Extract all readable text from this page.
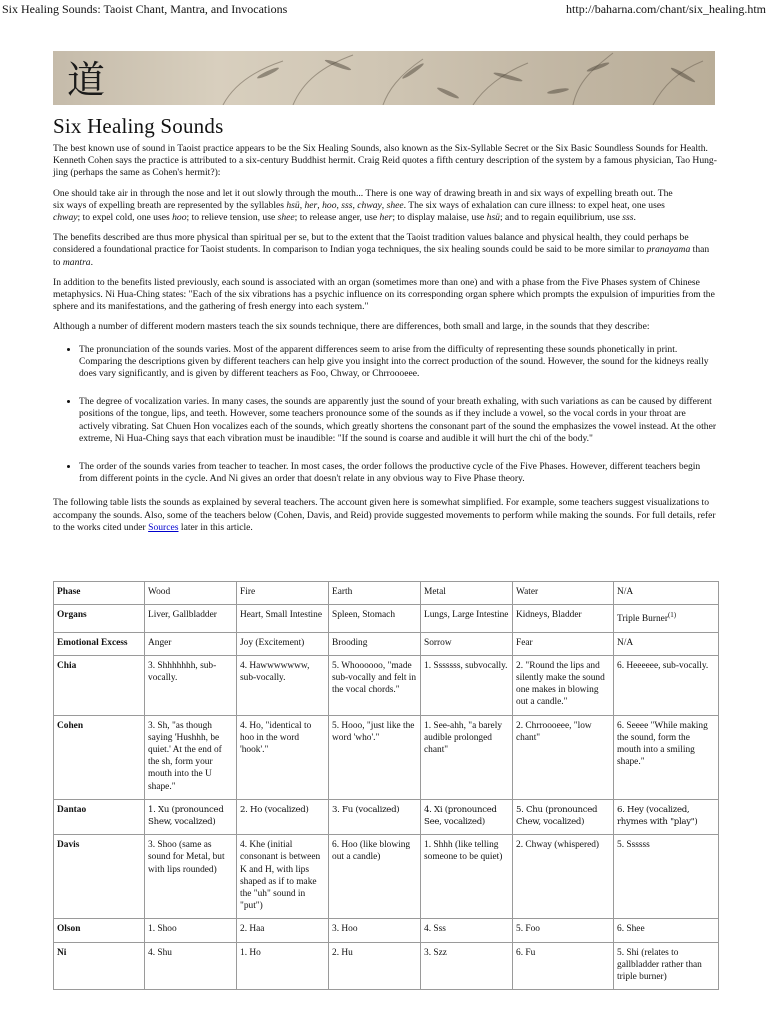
Six Healing Sounds: Taoist Chant, Mantra, and Invocations	http://baharna.com/chant/six_healing.htm
道
Six Healing Sounds

The best known use of sound in Taoist practice appears to be the Six Healing Sounds, also known as the Six-Syllable Secret or the Six Basic Soundless Sounds for Health. Kenneth Cohen says the practice is attributed to a six-century Buddhist hermit. Craig Reid quotes a fifth century description of the system by a famous physician, Tao Hung-jing (perhaps the same as Cohen's hermit?):

One should take air in through the nose and let it out slowly through the mouth... There is one way of drawing breath in and six ways of expelling breath out. The six ways of expelling breath are represented by the syllables hsü, her, hoo, sss, chway, shee. The six ways of exhalation can cure illness: to expel heat, one uses chway; to expel cold, one uses hoo; to relieve tension, use shee; to release anger, use her; to display malaise, use hsü; and to regain equilibrium, use sss.

The benefits described are thus more physical than spiritual per se, but to the extent that the Taoist tradition values balance and physical health, they could perhaps be considered a foundational practice for Taoist students. In comparison to Indian yoga techniques, the six healing sounds could be said to be more similar to pranayama than to mantra.

In addition to the benefits listed previously, each sound is associated with an organ (sometimes more than one) and with a phase from the Five Phases system of Chinese metaphysics. Ni Hua-Ching states: "Each of the six vibrations has a psychic influence on its corresponding organ sphere which prompts the expulsion of impurities from the sphere and its manifestations, and the gathering of fresh energy into each system."

Although a number of different modern masters teach the six sounds technique, there are differences, both small and large, in the sounds that they describe:

• The pronunciation of the sounds varies. Most of the apparent differences seem to arise from the difficulty of representing these sounds phonetically in print. Comparing the descriptions given by different teachers can help give you insight into the correct production of the sound. However, the sound for the kidneys really does vary significantly, and is given by different teachers as Foo, Chway, or Chrroooeee.
• The degree of vocalization varies. In many cases, the sounds are apparently just the sound of your breath exhaling, with such variations as can be caused by different positions of the tongue, lips, and teeth. However, some teachers pronounce some of the sounds as if they include a vowel, so the vocal cords in your throat are actively vibrating. Sat Chuen Hon vocalizes each of the sounds, which greatly shortens the consonant part of the sound the emphasizes the vowel instead. At the other extreme, Ni Hua-Ching says that each vibration must be inaudible: "If the sound is coarse and audible it will hurt the chi of the body."
• The order of the sounds varies from teacher to teacher. In most cases, the order follows the productive cycle of the Five Phases. However, different teachers begin from different points in the cycle. And Ni gives an order that doesn't relate in any obvious way to Five Phase theory.

The following table lists the sounds as explained by several teachers. The account given here is somewhat simplified. For example, some teachers suggest visualizations to accompany the sounds. Also, some of the teachers below (Cohen, Davis, and Reid) provide suggested movements to perform while making the sounds. For full details, refer to the works cited under Sources later in this article.

Phase	Wood	Fire	Earth	Metal	Water	N/A
Organs	Liver, Gallbladder	Heart, Small Intestine	Spleen, Stomach	Lungs, Large Intestine	Kidneys, Bladder	Triple Burner$^{(1)}$
Emotional Excess	Anger	Joy (Excitement)	Brooding	Sorrow	Fear	N/A
Chia	3. Shhhhhhh, sub-vocally.	4. Hawwwwwww, sub-vocally.	5. Whoooooo, "made sub-vocally and felt in the vocal chords."	1. Sssssss, subvocally.	2. "Round the lips and silently make the sound one makes in blowing out a candle."	6. Heeeeee, sub-vocally.
Cohen	3. Sh, "as though saying 'Hushhh, be quiet.' At the end of the sh, form your mouth into the U shape."	4. Ho, "identical to hoo in the word 'hook'."	5. Hooo, "just like the word 'who'."	1. See-ahh, "a barely audible prolonged chant"	2. Chrroooeee, "low chant"	6. Seeee "While making the sound, form the mouth into a smiling shape."
Dantao	1. Xu (pronounced Shew, vocalized)	2. Ho (vocalized)	3. Fu (vocalized)	4. Xi (pronounced See, vocalized)	5. Chu (pronounced Chew, vocalized)	6. Hey (vocalized, rhymes with "play")
Davis	3. Shoo (same as sound for Metal, but with lips rounded)	4. Khe (initial consonant is between K and H, with lips shaped as if to make the "uh" sound in "put")	6. Hoo (like blowing out a candle)	1. Shhh (like telling someone to be quiet)	2. Chway (whispered)	5. Ssssss
Olson	1. Shoo	2. Haa	3. Hoo	4. Sss	5. Foo	6. Shee
Ni	4. Shu	1. Ho	2. Hu	3. Szz	6. Fu	5. Shi (relates to gallbladder rather than triple burner)
